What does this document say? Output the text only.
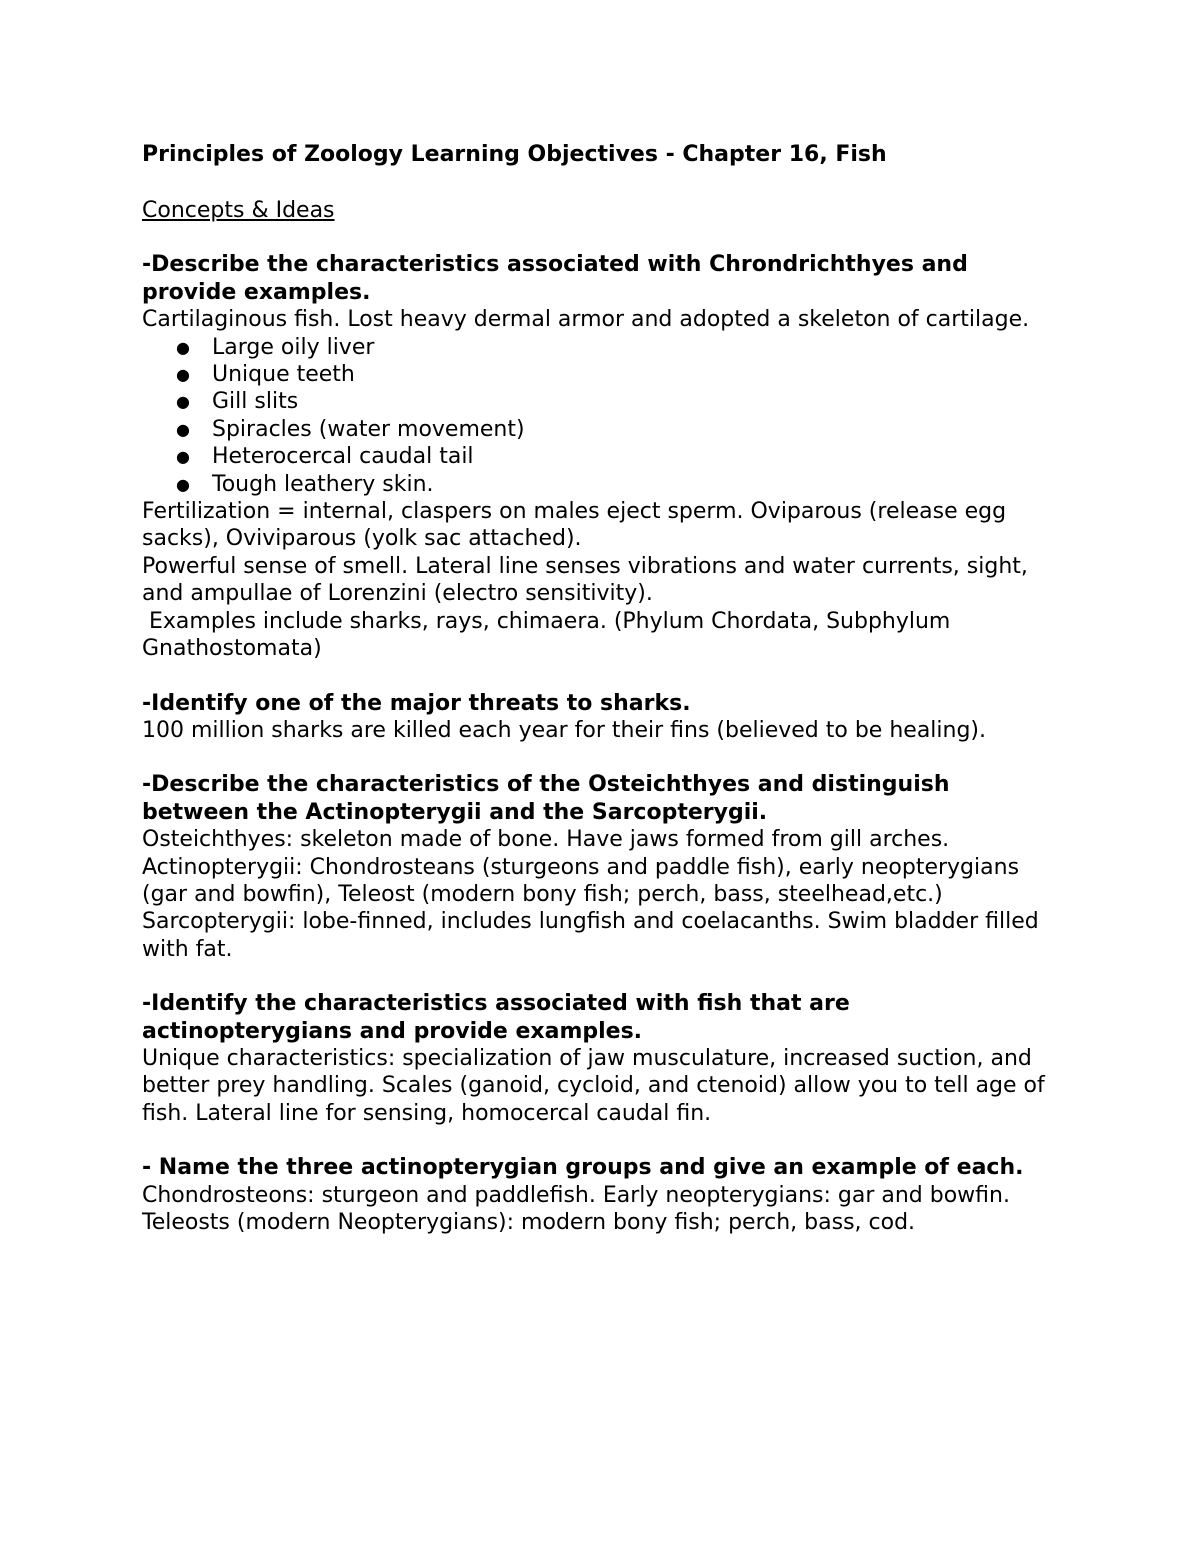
Principles of Zoology Learning Objectives - Chapter 16, Fish
Concepts & Ideas

-Describe the characteristics associated with Chrondrichthyes and provide examples.

Cartilaginous fish. Lost heavy dermal armor and adopted a skeleton of cartilage.

● Large oily liver
● Unique teeth
● Gill slits
● Spiracles (water movement)
● Heterocercal caudal tail
● Tough leathery skin.

Fertilization = internal, claspers on males eject sperm. Oviparous (release egg sacks), Oviviparous (yolk sac attached).

Powerful sense of smell. Lateral line senses vibrations and water currents, sight, and ampullae of Lorenzini (electro sensitivity).

Examples include sharks, rays, chimaera. (Phylum Chordata, Subphylum Gnathostomata)

-Identify one of the major threats to sharks.

100 million sharks are killed each year for their fins (believed to be healing).

-Describe the characteristics of the Osteichthyes and distinguish between the Actinopterygii and the Sarcopterygii.

Osteichthyes: skeleton made of bone. Have jaws formed from gill arches.

Actinopterygii: Chondrosteans (sturgeons and paddle fish), early neopterygians (gar and bowfin), Teleost (modern bony fish; perch, bass, steelhead,etc.)

Sarcopterygii: lobe-finned, includes lungfish and coelacanths. Swim bladder filled with fat.

-Identify the characteristics associated with fish that are actinopterygians and provide examples.

Unique characteristics: specialization of jaw musculature, increased suction, and better prey handling. Scales (ganoid, cycloid, and ctenoid) allow you to tell age of fish. Lateral line for sensing, homocercal caudal fin.

- Name the three actinopterygian groups and give an example of each.

Chondrosteons: sturgeon and paddlefish. Early neopterygians: gar and bowfin. Teleosts (modern Neopterygians): modern bony fish; perch, bass, cod.
